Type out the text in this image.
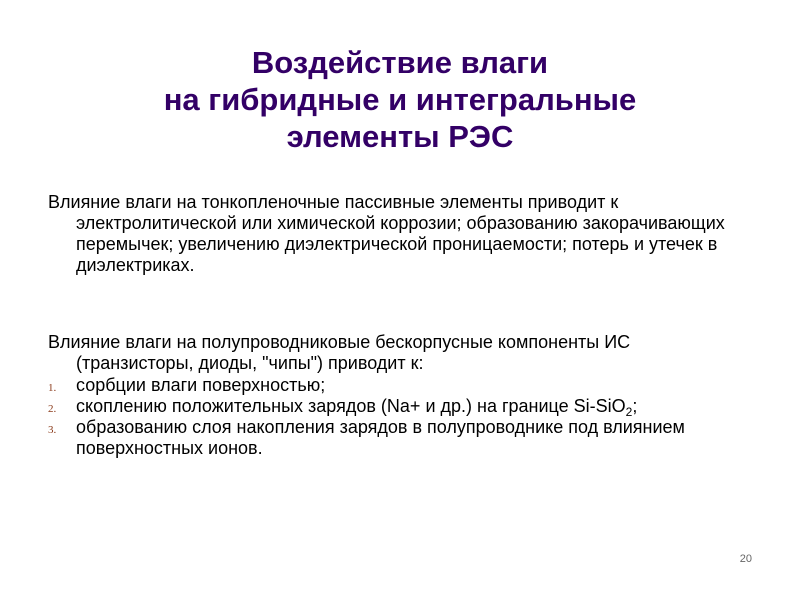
Воздействие влаги
на гибридные и интегральные
элементы РЭС

Влияние влаги на тонкопленочные пассивные элементы приводит к электролитической или химической коррозии; образованию закорачивающих перемычек; увеличению диэлектрической проницаемости; потерь и утечек в диэлектриках.

Влияние влаги на полупроводниковые бескорпусные компоненты ИС (транзисторы, диоды, "чипы") приводит к:

1. сорбции влаги поверхностью;
2. скоплению положительных зарядов (Na+ и др.) на границе Si-SiO$_2$;
3. образованию слоя накопления зарядов в полупроводнике под влиянием поверхностных ионов.
20
